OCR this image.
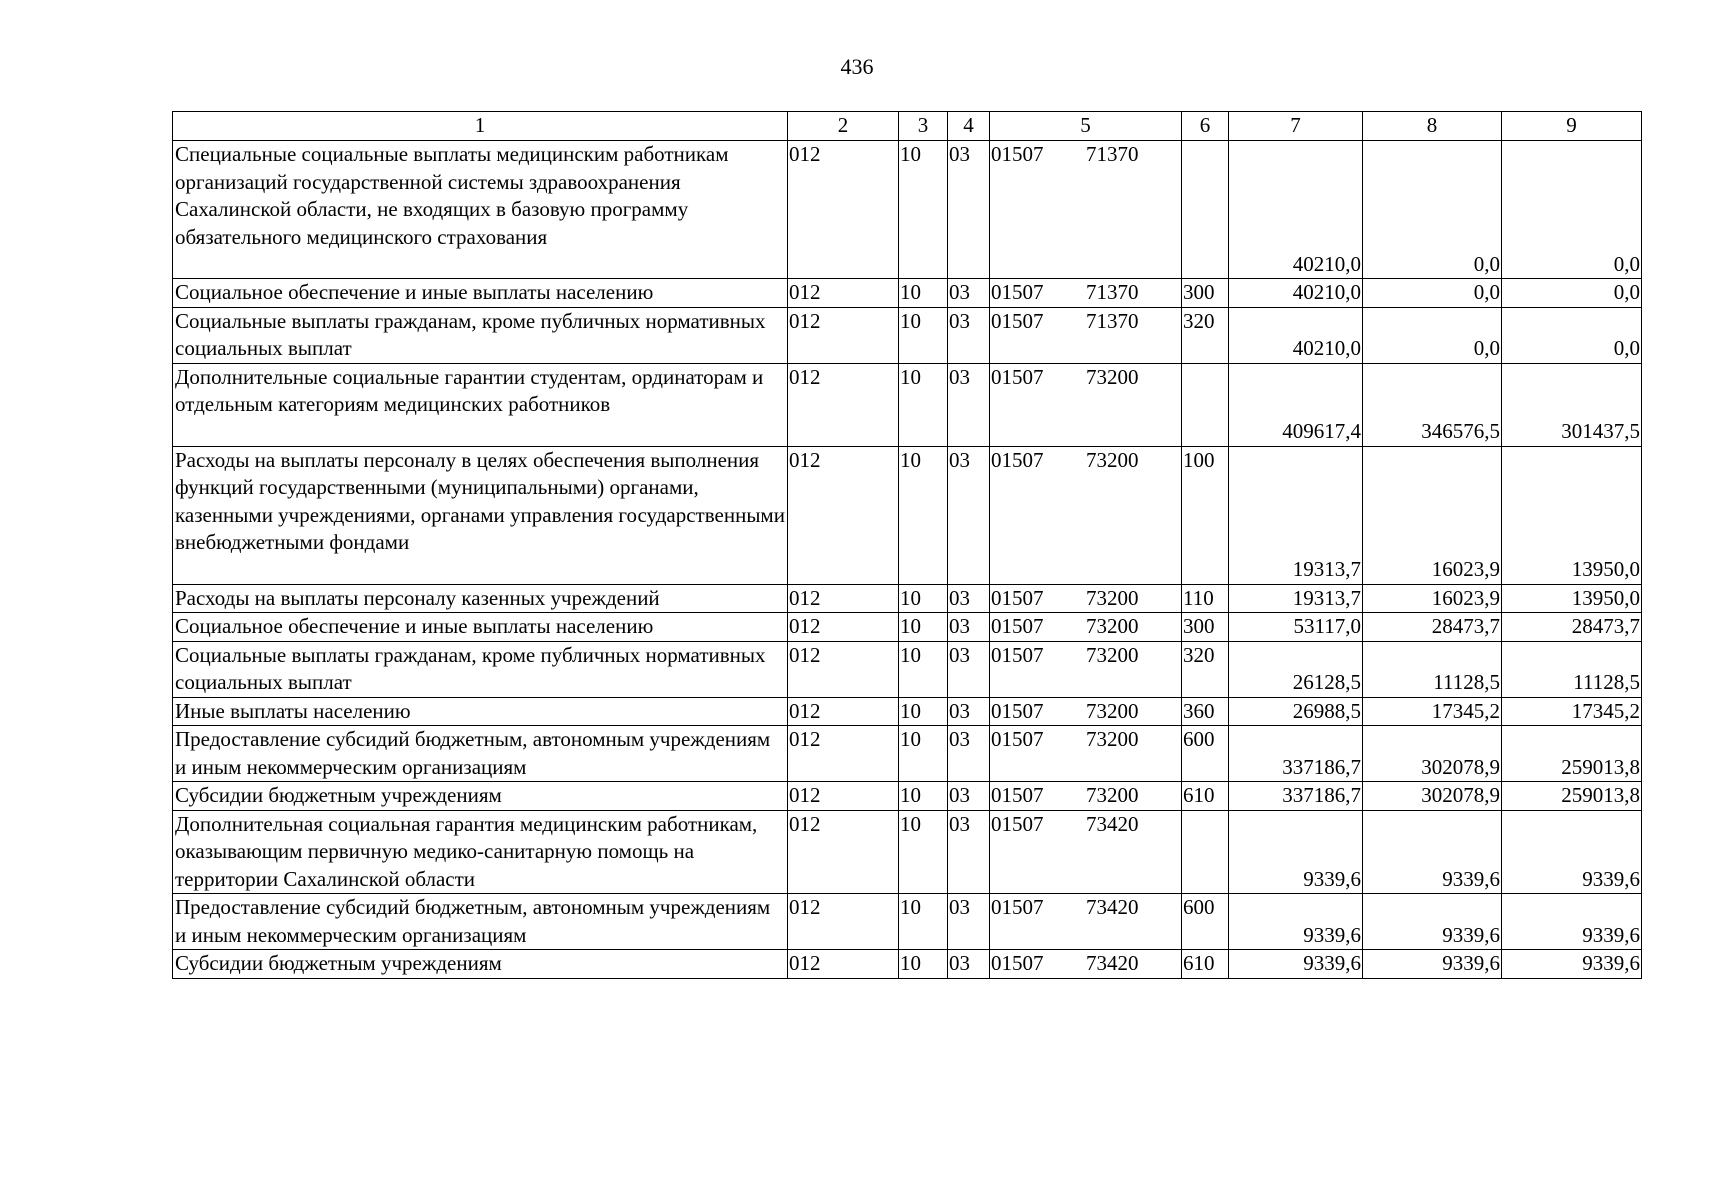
436
1	2	3	4	5	6	7	8	9
Специальные социальные выплаты медицинским работникам организаций государственной системы здравоохранения Сахалинской области, не входящих в базовую программу обязательного медицинского страхования	012	10	03	01507 71370		40210,0	0,0	0,0
Социальное обеспечение и иные выплаты населению	012	10	03	01507 71370	300	40210,0	0,0	0,0
Социальные выплаты гражданам, кроме публичных нормативных социальных выплат	012	10	03	01507 71370	320	40210,0	0,0	0,0
Дополнительные социальные гарантии студентам, ординаторам и отдельным категориям медицинских работников	012	10	03	01507 73200		409617,4	346576,5	301437,5
Расходы на выплаты персоналу в целях обеспечения выполнения функций государственными (муниципальными) органами, казенными учреждениями, органами управления государственными внебюджетными фондами	012	10	03	01507 73200	100	19313,7	16023,9	13950,0
Расходы на выплаты персоналу казенных учреждений	012	10	03	01507 73200	110	19313,7	16023,9	13950,0
Социальное обеспечение и иные выплаты населению	012	10	03	01507 73200	300	53117,0	28473,7	28473,7
Социальные выплаты гражданам, кроме публичных нормативных социальных выплат	012	10	03	01507 73200	320	26128,5	11128,5	11128,5
Иные выплаты населению	012	10	03	01507 73200	360	26988,5	17345,2	17345,2
Предоставление субсидий бюджетным, автономным учреждениям и иным некоммерческим организациям	012	10	03	01507 73200	600	337186,7	302078,9	259013,8
Субсидии бюджетным учреждениям	012	10	03	01507 73200	610	337186,7	302078,9	259013,8
Дополнительная социальная гарантия медицинским работникам, оказывающим первичную медико-санитарную помощь на территории Сахалинской области	012	10	03	01507 73420		9339,6	9339,6	9339,6
Предоставление субсидий бюджетным, автономным учреждениям и иным некоммерческим организациям	012	10	03	01507 73420	600	9339,6	9339,6	9339,6
Субсидии бюджетным учреждениям	012	10	03	01507 73420	610	9339,6	9339,6	9339,6
